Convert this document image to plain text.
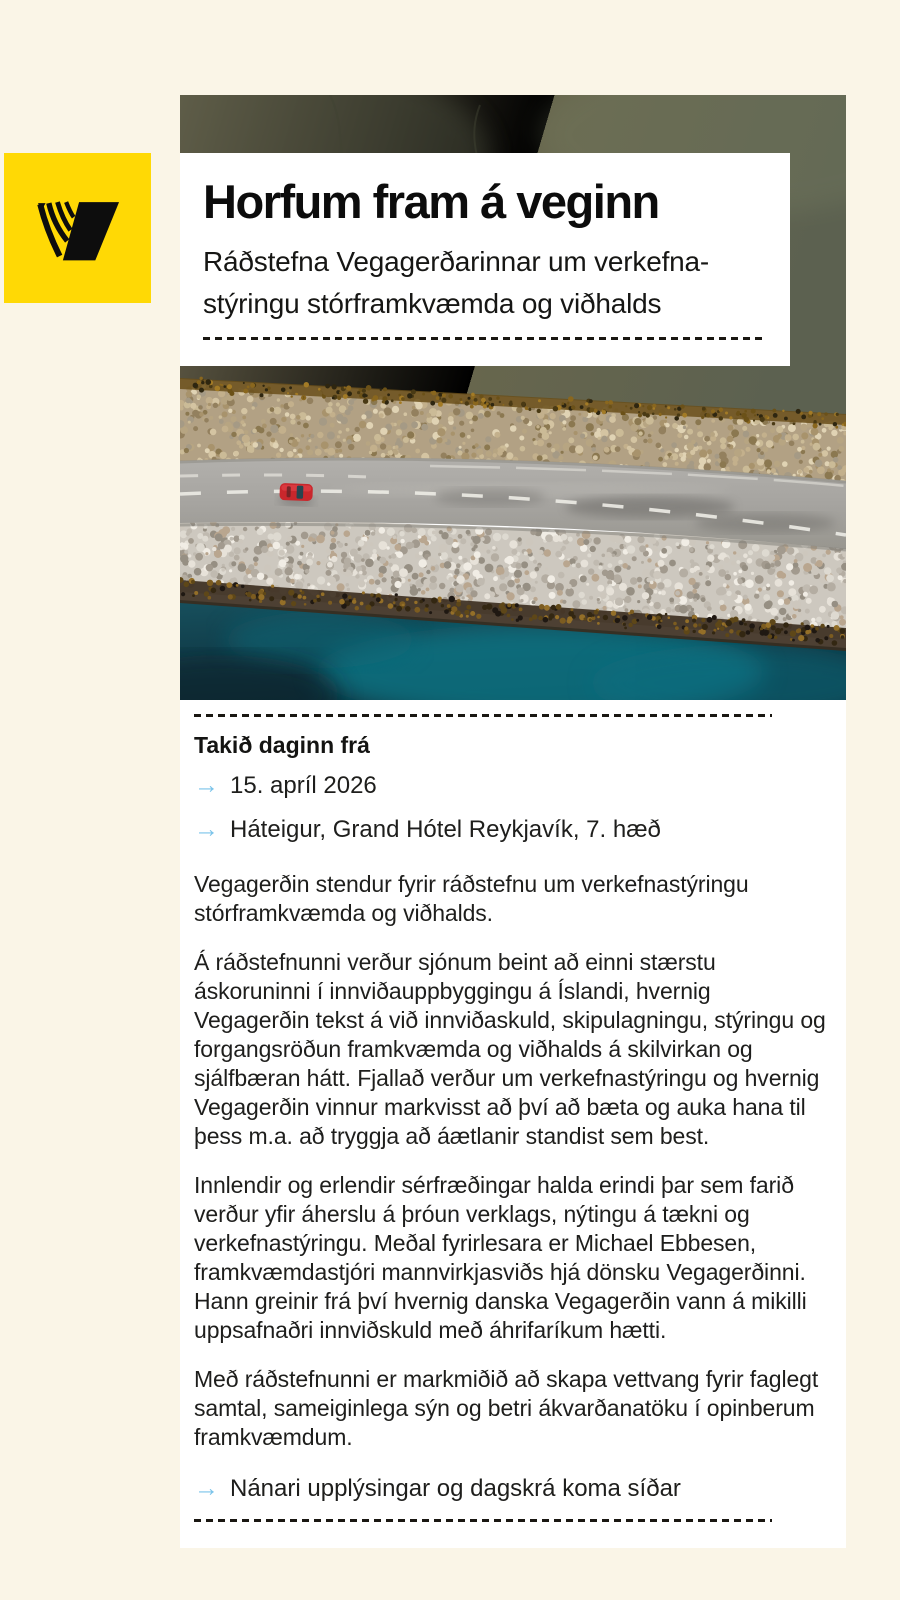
Horfum fram á veginn
Ráðstefna Vegagerðarinnar um verkefna-
stýringu stórframkvæmda og viðhalds
Takið daginn frá
→ 15. apríl 2026
→ Háteigur, Grand Hótel Reykjavík, 7. hæð

Vegagerðin stendur fyrir ráðstefnu um verkefnastýringu stórframkvæmda og viðhalds.

Á ráðstefnunni verður sjónum beint að einni stærstu áskoruninni í innviðauppbyggingu á Íslandi, hvernig Vegagerðin tekst á við innviðaskuld, skipulagningu, stýringu og forgangsröðun framkvæmda og viðhalds á skilvirkan og sjálfbæran hátt. Fjallað verður um verkefnastýringu og hvernig Vegagerðin vinnur markvisst að því að bæta og auka hana til þess m.a. að tryggja að áætlanir standist sem best.

Innlendir og erlendir sérfræðingar halda erindi þar sem farið verður yfir áherslu á þróun verklags, nýtingu á tækni og verkefnastýringu. Meðal fyrirlesara er Michael Ebbesen, framkvæmdastjóri mannvirkjasviðs hjá dönsku Vegagerðinni. Hann greinir frá því hvernig danska Vegagerðin vann á mikilli uppsafnaðri innviðskuld með áhrifaríkum hætti.

Með ráðstefnunni er markmiðið að skapa vettvang fyrir faglegt samtal, sameiginlega sýn og betri ákvarðanatöku í opinberum framkvæmdum.

→ Nánari upplýsingar og dagskrá koma síðar
